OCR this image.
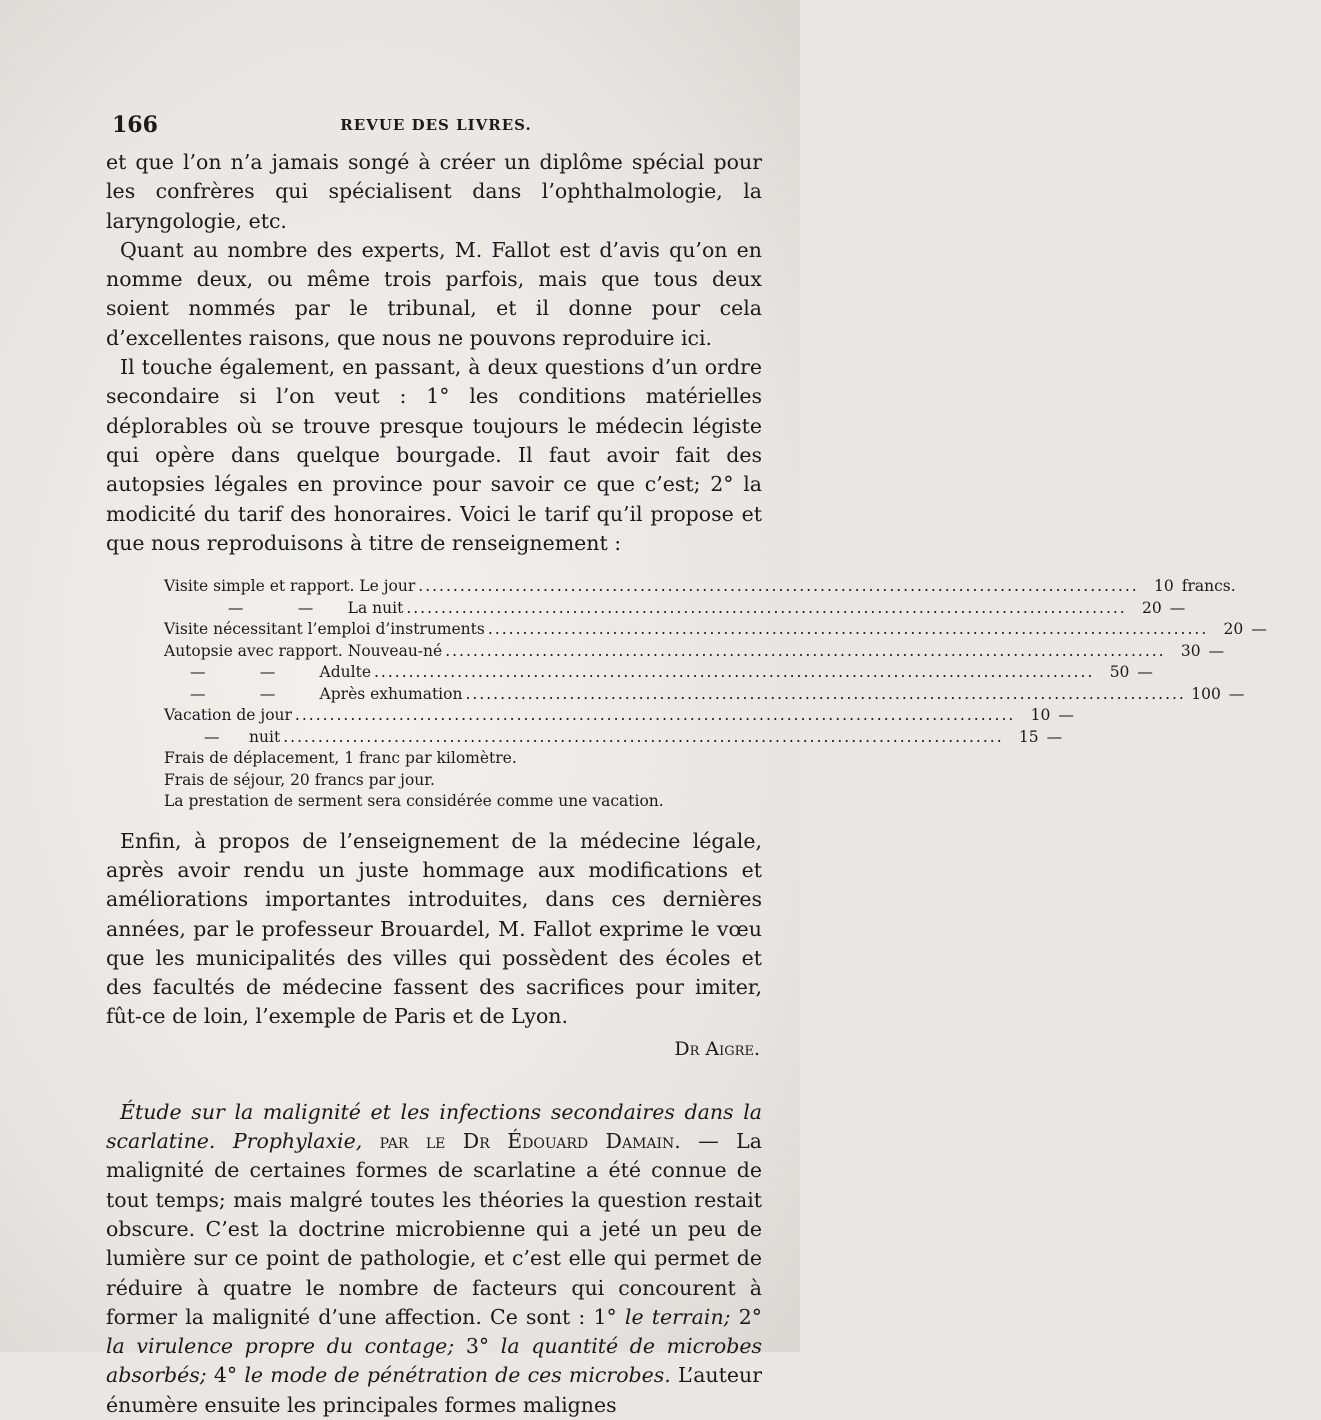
166	REVUE DES LIVRES.

et que l’on n’a jamais songé à créer un diplôme spécial pour les confrères qui spécialisent dans l’ophthalmologie, la laryngologie, etc.

Quant au nombre des experts, M. Fallot est d’avis qu’on en nomme deux, ou même trois parfois, mais que tous deux soient nommés par le tribunal, et il donne pour cela d’excellentes raisons, que nous ne pouvons reproduire ici.

Il touche également, en passant, à deux questions d’un ordre secondaire si l’on veut : 1° les conditions matérielles déplorables où se trouve presque toujours le médecin légiste qui opère dans quelque bourgade. Il faut avoir fait des autopsies légales en province pour savoir ce que c’est; 2° la modicité du tarif des honoraires. Voici le tarif qu’il propose et que nous reproduisons à titre de renseignement :

Visite simple et rapport. Le jour .....	10 francs.
—           —       La nuit .....	20 —
Visite nécessitant l’emploi d’instruments .....	20 —
Autopsie avec rapport. Nouveau-né .....	30 —
—           —         Adulte .....	50 —
—           —         Après exhumation .....	100 —
Vacation de jour .....	10 —
—      nuit .....	15 —
Frais de déplacement, 1 franc par kilomètre.
Frais de séjour, 20 francs par jour.
La prestation de serment sera considérée comme une vacation.

Enfin, à propos de l’enseignement de la médecine légale, après avoir rendu un juste hommage aux modifications et améliorations importantes introduites, dans ces dernières années, par le professeur Brouardel, M. Fallot exprime le vœu que les municipalités des villes qui possèdent des écoles et des facultés de médecine fassent des sacrifices pour imiter, fût-ce de loin, l’exemple de Paris et de Lyon.

Dr Aigre.

Étude sur la malignité et les infections secondaires dans la scarlatine. Prophylaxie, par le Dr Édouard Damain. — La malignité de certaines formes de scarlatine a été connue de tout temps; mais malgré toutes les théories la question restait obscure. C’est la doctrine microbienne qui a jeté un peu de lumière sur ce point de pathologie, et c’est elle qui permet de réduire à quatre le nombre de facteurs qui concourent à former la malignité d’une affection. Ce sont : 1° le terrain; 2° la virulence propre du contage; 3° la quantité de microbes absorbés; 4° le mode de pénétration de ces microbes. L’auteur énumère ensuite les principales formes malignes
